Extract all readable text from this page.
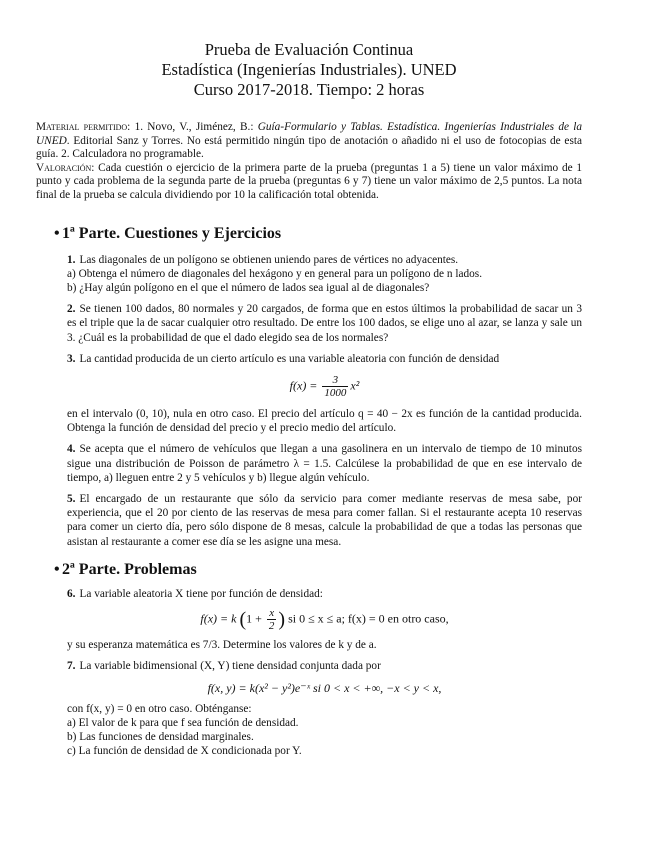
Prueba de Evaluación Continua
Estadística (Ingenierías Industriales). UNED
Curso 2017-2018. Tiempo: 2 horas
Material permitido: 1. Novo, V., Jiménez, B.: Guía-Formulario y Tablas. Estadística. Ingenierías Industriales de la UNED. Editorial Sanz y Torres. No está permitido ningún tipo de anotación o añadido ni el uso de fotocopias de esta guía. 2. Calculadora no programable.
Valoración: Cada cuestión o ejercicio de la primera parte de la prueba (preguntas 1 a 5) tiene un valor máximo de 1 punto y cada problema de la segunda parte de la prueba (preguntas 6 y 7) tiene un valor máximo de 2,5 puntos. La nota final de la prueba se calcula dividiendo por 10 la calificación total obtenida.
• 1ª Parte. Cuestiones y Ejercicios
1. Las diagonales de un polígono se obtienen uniendo pares de vértices no adyacentes.
a) Obtenga el número de diagonales del hexágono y en general para un polígono de n lados.
b) ¿Hay algún polígono en el que el número de lados sea igual al de diagonales?
2. Se tienen 100 dados, 80 normales y 20 cargados, de forma que en estos últimos la probabilidad de sacar un 3 es el triple que la de sacar cualquier otro resultado. De entre los 100 dados, se elige uno al azar, se lanza y sale un 3. ¿Cuál es la probabilidad de que el dado elegido sea de los normales?
3. La cantidad producida de un cierto artículo es una variable aleatoria con función de densidad
$f(x) = \frac{3}{1000} x^2$
en el intervalo (0, 10), nula en otro caso. El precio del artículo q = 40 − 2x es función de la cantidad producida. Obtenga la función de densidad del precio y el precio medio del artículo.
4. Se acepta que el número de vehículos que llegan a una gasolinera en un intervalo de tiempo de 10 minutos sigue una distribución de Poisson de parámetro λ = 1.5. Calcúlese la probabilidad de que en ese intervalo de tiempo, a) lleguen entre 2 y 5 vehículos y b) llegue algún vehículo.
5. El encargado de un restaurante que sólo da servicio para comer mediante reservas de mesa sabe, por experiencia, que el 20 por ciento de las reservas de mesa para comer fallan. Si el restaurante acepta 10 reservas para comer un cierto día, pero sólo dispone de 8 mesas, calcule la probabilidad de que a todas las personas que asistan al restaurante a comer ese día se les asigne una mesa.
• 2ª Parte. Problemas
6. La variable aleatoria X tiene por función de densidad:
f(x) = k ($1 + \frac{x}{2}$ ) si 0 ≤ x ≤ a; f(x) = 0 en otro caso,
y su esperanza matemática es 7/3. Determine los valores de k y de a.
7. La variable bidimensional (X, Y) tiene densidad conjunta dada por
f(x, y) = k(x² − y²)e⁻ˣ si 0 < x < +∞, −x < y < x,
con f(x, y) = 0 en otro caso. Obténganse:
a) El valor de k para que f sea función de densidad.
b) Las funciones de densidad marginales.
c) La función de densidad de X condicionada por Y.
